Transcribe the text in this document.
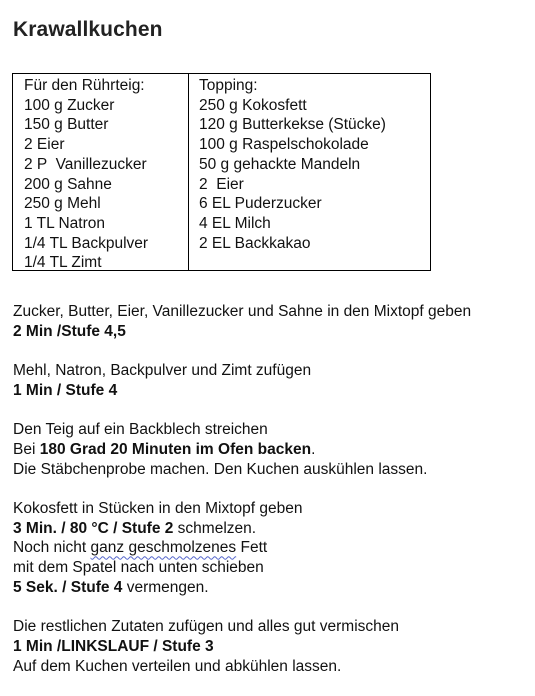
Krawallkuchen
Für den Rührteig:
100 g Zucker
150 g Butter
2 Eier
2 P  Vanillezucker
200 g Sahne
250 g Mehl
1 TL Natron
1/4 TL Backpulver
1/4 TL Zimt
Topping:
250 g Kokosfett
120 g Butterkekse (Stücke)
100 g Raspelschokolade
50 g gehackte Mandeln
2  Eier
6 EL Puderzucker
4 EL Milch
2 EL Backkakao
Zucker, Butter, Eier, Vanillezucker und Sahne in den Mixtopf geben
2 Min /Stufe 4,5
Mehl, Natron, Backpulver und Zimt zufügen
1 Min / Stufe 4
Den Teig auf ein Backblech streichen
Bei 180 Grad 20 Minuten im Ofen backen.
Die Stäbchenprobe machen. Den Kuchen auskühlen lassen.
Kokosfett in Stücken in den Mixtopf geben
3 Min. / 80 °C / Stufe 2 schmelzen.
Noch nicht ganz geschmolzenes Fett
mit dem Spatel nach unten schieben
5 Sek. / Stufe 4 vermengen.
Die restlichen Zutaten zufügen und alles gut vermischen
1 Min /LINKSLAUF / Stufe 3
Auf dem Kuchen verteilen und abkühlen lassen.
